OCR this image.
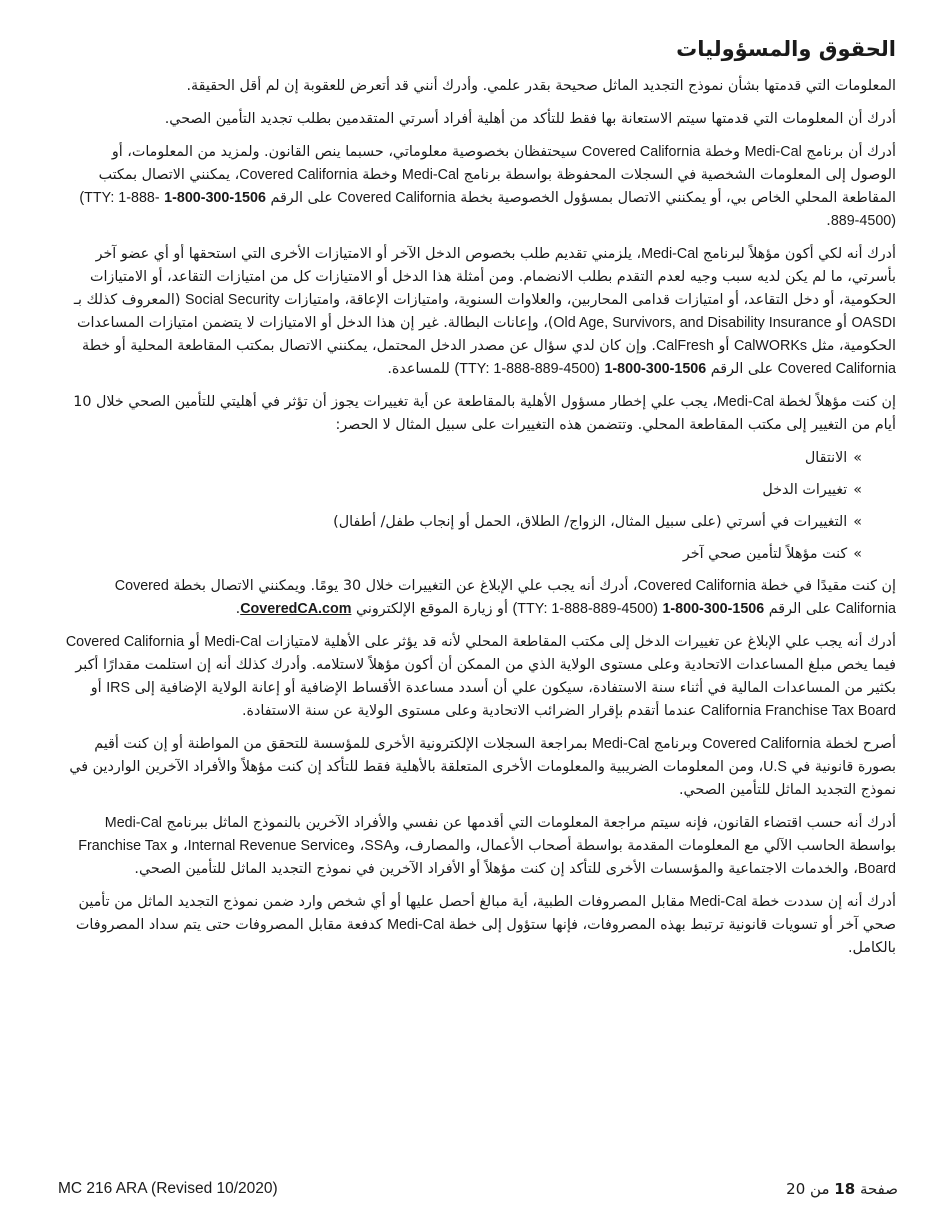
الحقوق والمسؤوليات

المعلومات التي قدمتها بشأن نموذج التجديد الماثل صحيحة بقدر علمي. وأدرك أنني قد أتعرض للعقوبة إن لم أقل الحقيقة.

أدرك أن المعلومات التي قدمتها سيتم الاستعانة بها فقط للتأكد من أهلية أفراد أسرتي المتقدمين بطلب تجديد التأمين الصحي.

أدرك أن برنامج Medi-Cal وخطة Covered California سيحتفظان بخصوصية معلوماتي، حسبما ينص القانون. ولمزيد من المعلومات، أو الوصول إلى المعلومات الشخصية في السجلات المحفوظة بواسطة برنامج Medi-Cal وخطة Covered California، يمكنني الاتصال بمكتب المقاطعة المحلي الخاص بي، أو يمكنني الاتصال بمسؤول الخصوصية بخطة Covered California على الرقم 1-800-300-1506 (TTY: 1-888-889-4500).

أدرك أنه لكي أكون مؤهلاً لبرنامج Medi-Cal، يلزمني تقديم طلب بخصوص الدخل الآخر أو الامتيازات الأخرى التي استحقها أو أي عضو آخر بأسرتي، ما لم يكن لديه سبب وجيه لعدم التقدم بطلب الانضمام. ومن أمثلة هذا الدخل أو الامتيازات كل من امتيازات التقاعد، أو الامتيازات الحكومية، أو دخل التقاعد، أو امتيازات قدامى المحاربين، والعلاوات السنوية، وامتيازات الإعاقة، وامتيازات Social Security (المعروف كذلك بـ OASDI أو Old Age, Survivors, and Disability Insurance)، وإعانات البطالة. غير إن هذا الدخل أو الامتيازات لا يتضمن امتيازات المساعدات الحكومية، مثل CalWORKs أو CalFresh. وإن كان لدي سؤال عن مصدر الدخل المحتمل، يمكنني الاتصال بمكتب المقاطعة المحلية أو خطة Covered California على الرقم 1-800-300-1506 (TTY: 1-888-889-4500) للمساعدة.

إن كنت مؤهلاً لخطة Medi-Cal، يجب علي إخطار مسؤول الأهلية بالمقاطعة عن أية تغييرات يجوز أن تؤثر في أهليتي للتأمين الصحي خلال 10 أيام من التغيير إلى مكتب المقاطعة المحلي. وتتضمن هذه التغييرات على سبيل المثال لا الحصر:

»الانتقال
»تغييرات الدخل
»التغييرات في أسرتي (على سبيل المثال، الزواج/ الطلاق، الحمل أو إنجاب طفل/ أطفال)
»كنت مؤهلاً لتأمين صحي آخر

إن كنت مقيدًا في خطة Covered California، أدرك أنه يجب علي الإبلاغ عن التغييرات خلال 30 يومًا. ويمكنني الاتصال بخطة Covered California على الرقم 1-800-300-1506 (TTY: 1-888-889-4500) أو زيارة الموقع الإلكتروني CoveredCA.com.

أدرك أنه يجب علي الإبلاغ عن تغييرات الدخل إلى مكتب المقاطعة المحلي لأنه قد يؤثر على الأهلية لامتيازات Medi-Cal أو Covered California فيما يخص مبلغ المساعدات الاتحادية وعلى مستوى الولاية الذي من الممكن أن أكون مؤهلاً لاستلامه. وأدرك كذلك أنه إن استلمت مقدارًا أكبر بكثير من المساعدات المالية في أثناء سنة الاستفادة، سيكون علي أن أسدد مساعدة الأقساط الإضافية أو إعانة الولاية الإضافية إلى IRS أو California Franchise Tax Board عندما أتقدم بإقرار الضرائب الاتحادية وعلى مستوى الولاية عن سنة الاستفادة.

أصرح لخطة Covered California وبرنامج Medi-Cal بمراجعة السجلات الإلكترونية الأخرى للمؤسسة للتحقق من المواطنة أو إن كنت أقيم بصورة قانونية في U.S، ومن المعلومات الضريبية والمعلومات الأخرى المتعلقة بالأهلية فقط للتأكد إن كنت مؤهلاً والأفراد الآخرين الواردين في نموذج التجديد الماثل للتأمين الصحي.

أدرك أنه حسب اقتضاء القانون، فإنه سيتم مراجعة المعلومات التي أقدمها عن نفسي والأفراد الآخرين بالنموذج الماثل ببرنامج Medi-Cal بواسطة الحاسب الآلي مع المعلومات المقدمة بواسطة أصحاب الأعمال، والمصارف، وSSA، وInternal Revenue Service، و Franchise Tax Board، والخدمات الاجتماعية والمؤسسات الأخرى للتأكد إن كنت مؤهلاً أو الأفراد الآخرين في نموذج التجديد الماثل للتأمين الصحي.

أدرك أنه إن سددت خطة Medi-Cal مقابل المصروفات الطبية، أية مبالغ أحصل عليها أو أي شخص وارد ضمن نموذج التجديد الماثل من تأمين صحي آخر أو تسويات قانونية ترتبط بهذه المصروفات، فإنها ستؤول إلى خطة Medi-Cal كدفعة مقابل المصروفات حتى يتم سداد المصروفات بالكامل.

MC 216 ARA (Revised 10/2020)	صفحة 18 من 20
